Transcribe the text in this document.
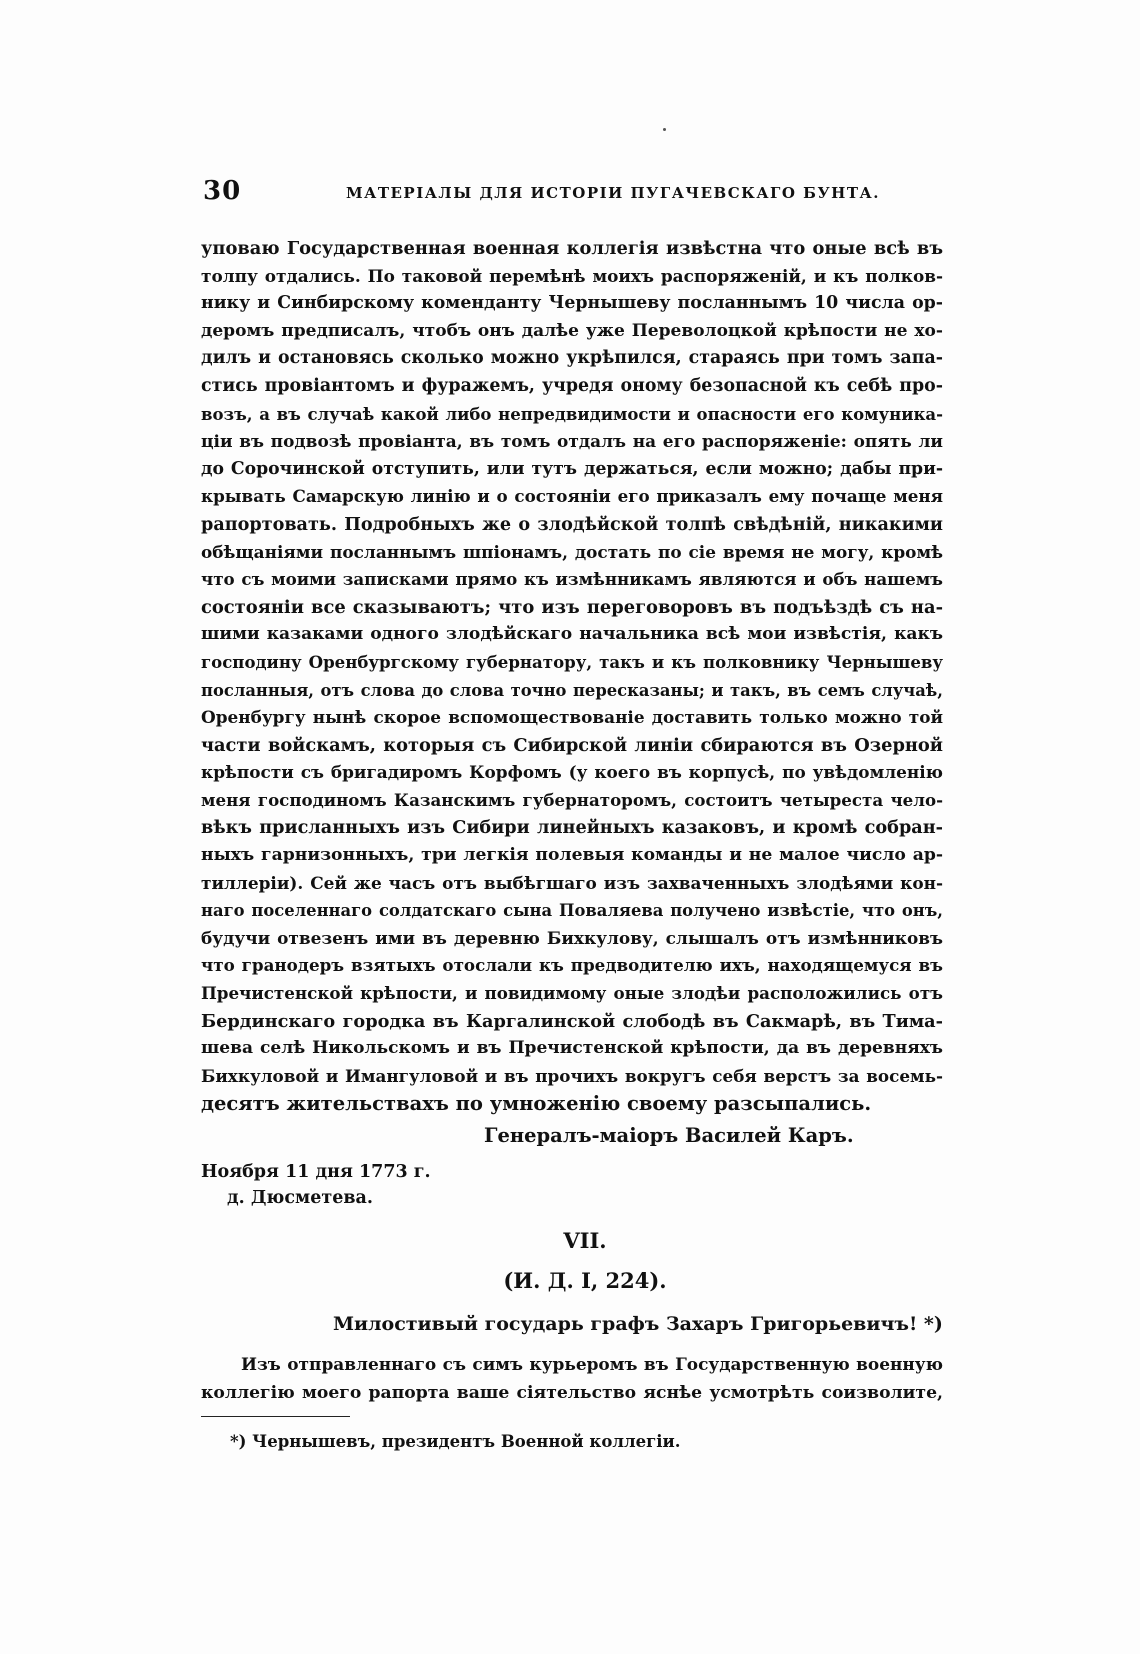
30	МАТЕРІАЛЫ ДЛЯ ИСТОРІИ ПУГАЧЕВСКАГО БУНТА.
уповаю Государственная военная коллегія извѣстна что оные всѣ въ
толпу отдались. По таковой перемѣнѣ моихъ распоряженій, и къ полков-
нику и Синбирскому коменданту Чернышеву посланнымъ 10 числа ор-
деромъ предписалъ, чтобъ онъ далѣе уже Переволоцкой крѣпости не хо-
дилъ и остановясь сколько можно укрѣпился, стараясь при томъ запа-
стись провіантомъ и фуражемъ, учредя оному безопасной къ себѣ про-
возъ, а въ случаѣ какой либо непредвидимости и опасности его комуника-
ціи въ подвозѣ провіанта, въ томъ отдалъ на его распоряженіе: опять ли
до Сорочинской отступить, или тутъ держаться, если можно; дабы при-
крывать Самарскую линію и о состояніи его приказалъ ему почаще меня
рапортовать. Подробныхъ же о злодѣйской толпѣ свѣдѣній, никакими
обѣщаніями посланнымъ шпіонамъ, достать по сіе время не могу, кромѣ
что съ моими записками прямо къ измѣнникамъ являются и объ нашемъ
состояніи все сказываютъ; что изъ переговоровъ въ подъѣздѣ съ на-
шими казаками одного злодѣйскаго начальника всѣ мои извѣстія, какъ
господину Оренбургскому губернатору, такъ и къ полковнику Чернышеву
посланныя, отъ слова до слова точно пересказаны; и такъ, въ семъ случаѣ,
Оренбургу нынѣ скорое вспомоществованіе доставить только можно той
части войскамъ, которыя съ Сибирской линіи сбираются въ Озерной
крѣпости съ бригадиромъ Корфомъ (у коего въ корпусѣ, по увѣдомленію
меня господиномъ Казанскимъ губернаторомъ, состоитъ четыреста чело-
вѣкъ присланныхъ изъ Сибири линейныхъ казаковъ, и кромѣ собран-
ныхъ гарнизонныхъ, три легкія полевыя команды и не малое число ар-
тиллеріи). Сей же часъ отъ выбѣгшаго изъ захваченныхъ злодѣями кон-
наго поселеннаго солдатскаго сына Поваляева получено извѣстіе, что онъ,
будучи отвезенъ ими въ деревню Бихкулову, слышалъ отъ измѣнниковъ
что гранодеръ взятыхъ отослали къ предводителю ихъ, находящемуся въ
Пречистенской крѣпости, и повидимому оные злодѣи расположились отъ
Бердинскаго городка въ Каргалинской слободѣ въ Сакмарѣ, въ Тима-
шева селѣ Никольскомъ и въ Пречистенской крѣпости, да въ деревняхъ
Бихкуловой и Имангуловой и въ прочихъ вокругъ себя верстъ за восемь-
десятъ жительствахъ по умноженію своему разсыпались.
Генералъ-маіоръ Василей Каръ.
Ноября 11 дня 1773 г.
д. Дюсметева.
VII.
(И. Д. I, 224).
Милостивый государь графъ Захаръ Григорьевичъ! *)
Изъ отправленнаго съ симъ курьеромъ въ Государственную военную
коллегію моего рапорта ваше сіятельство яснѣе усмотрѣть соизволите,
*) Чернышевъ, президентъ Военной коллегіи.
